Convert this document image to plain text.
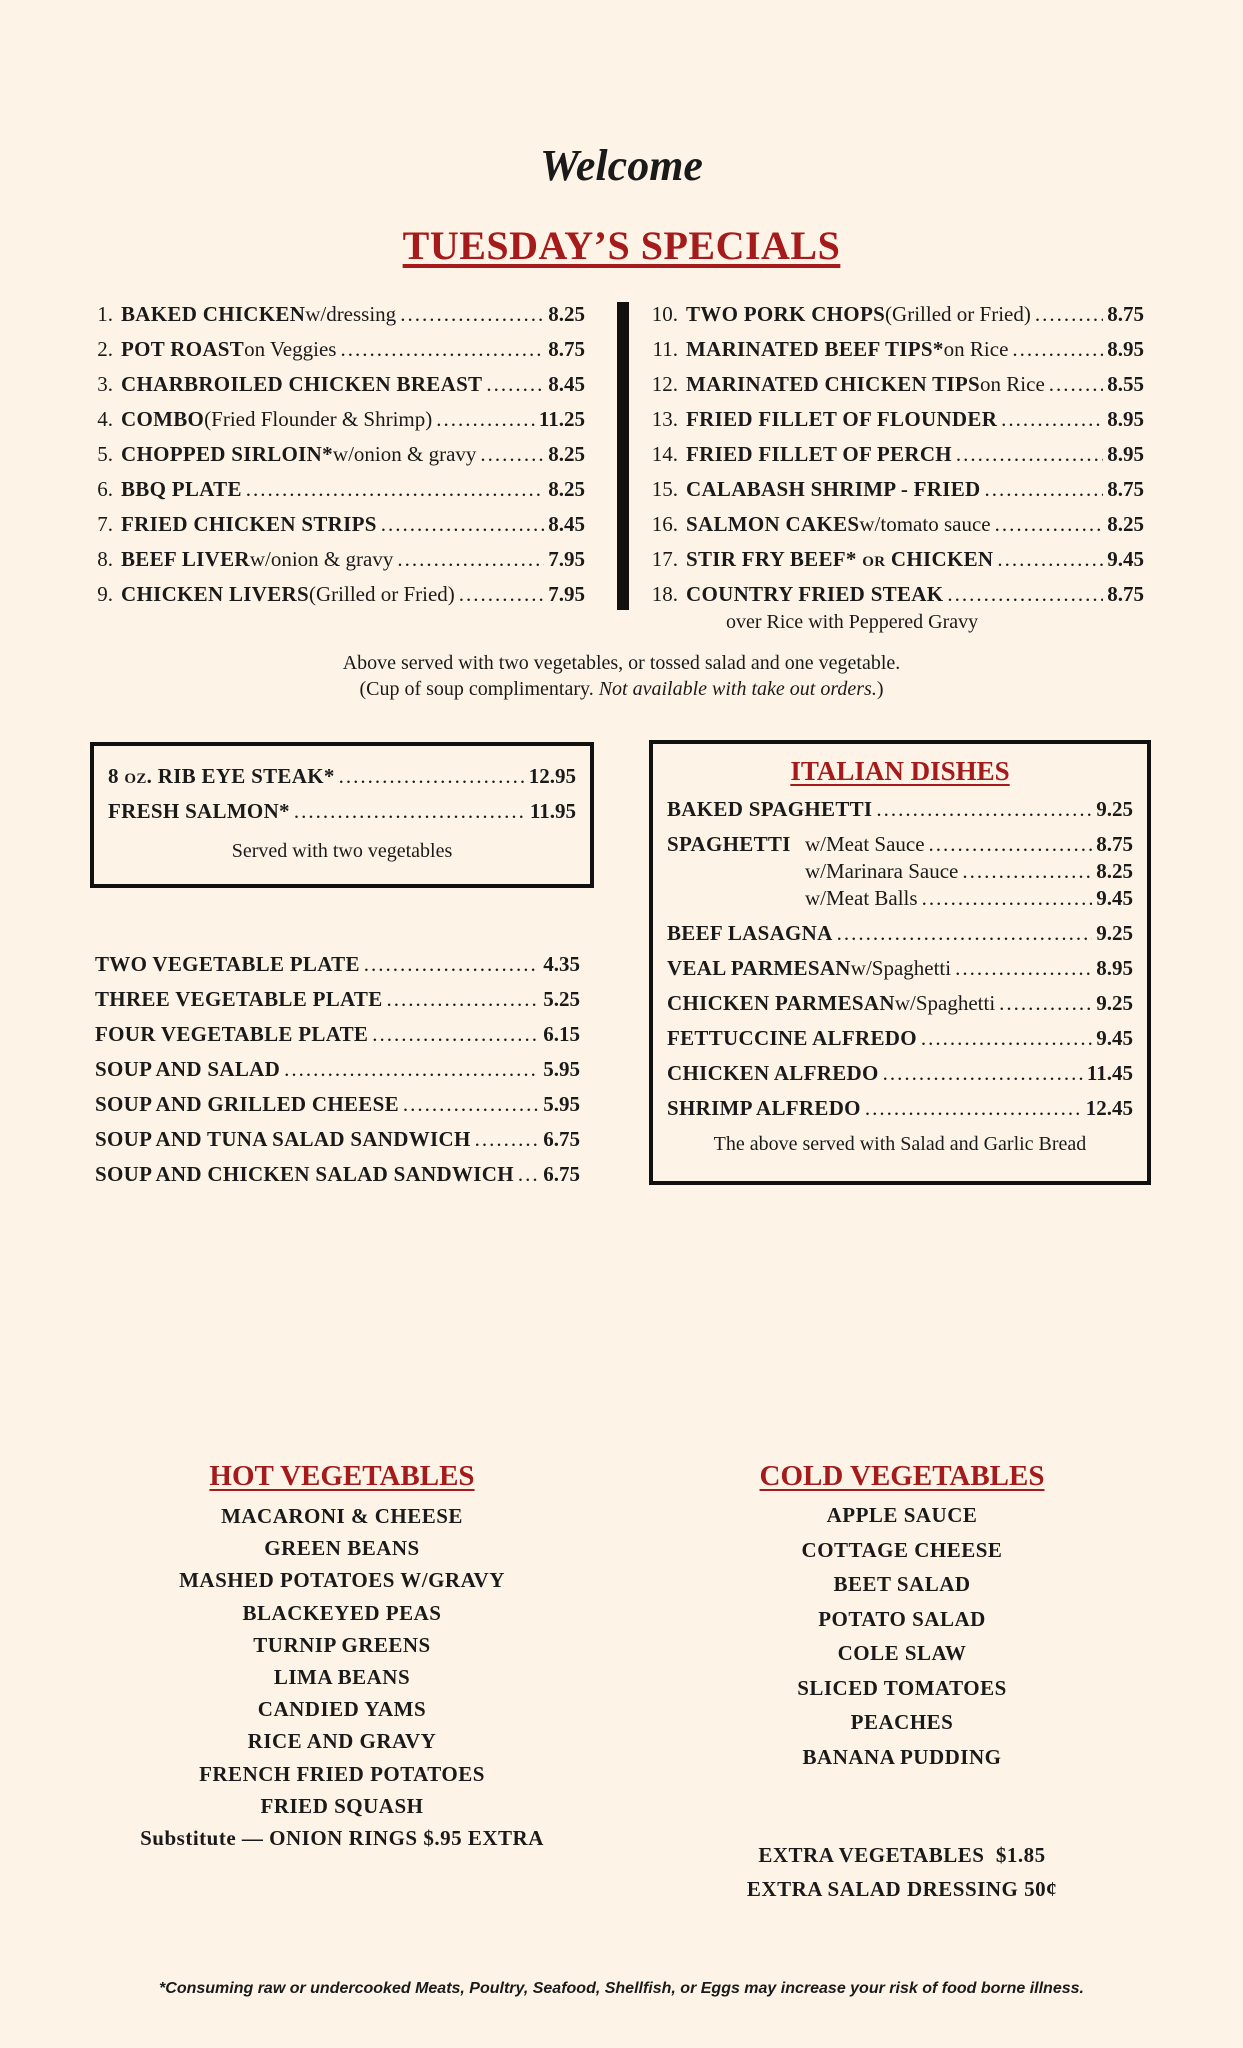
Welcome
TUESDAY’S SPECIALS
1. BAKED CHICKEN w/dressing .....	8.25
2. POT ROAST on Veggies .....	8.75
3. CHARBROILED CHICKEN BREAST .....	8.45
4. COMBO (Fried Flounder & Shrimp) .....	11.25
5. CHOPPED SIRLOIN* w/onion & gravy .....	8.25
6. BBQ PLATE .....	8.25
7. FRIED CHICKEN STRIPS .....	8.45
8. BEEF LIVER w/onion & gravy .....	7.95
9. CHICKEN LIVERS (Grilled or Fried) .....	7.95
10. TWO PORK CHOPS (Grilled or Fried) .....	8.75
11. MARINATED BEEF TIPS* on Rice .....	8.95
12. MARINATED CHICKEN TIPS on Rice .....	8.55
13. FRIED FILLET OF FLOUNDER .....	8.95
14. FRIED FILLET OF PERCH .....	8.95
15. CALABASH SHRIMP - FRIED .....	8.75
16. SALMON CAKES w/tomato sauce .....	8.25
17. STIR FRY BEEF* or CHICKEN .....	9.45
18. COUNTRY FRIED STEAK .....	8.75
over Rice with Peppered Gravy
Above served with two vegetables, or tossed salad and one vegetable.
(Cup of soup complimentary. Not available with take out orders.)
8 oz. RIB EYE STEAK* .....	12.95
FRESH SALMON* .....	11.95
Served with two vegetables
TWO VEGETABLE PLATE .....	4.35
THREE VEGETABLE PLATE .....	5.25
FOUR VEGETABLE PLATE .....	6.15
SOUP AND SALAD .....	5.95
SOUP AND GRILLED CHEESE .....	5.95
SOUP AND TUNA SALAD SANDWICH .....	6.75
SOUP AND CHICKEN SALAD SANDWICH ..... 6.75
ITALIAN DISHES
BAKED SPAGHETTI .....	9.25
SPAGHETTI w/Meat Sauce .....	8.75
w/Marinara Sauce .....	8.25
w/Meat Balls .....	9.45
BEEF LASAGNA .....	9.25
VEAL PARMESAN w/Spaghetti .....	8.95
CHICKEN PARMESAN w/Spaghetti .....	9.25
FETTUCCINE ALFREDO .....	9.45
CHICKEN ALFREDO .....	11.45
SHRIMP ALFREDO .....	12.45
The above served with Salad and Garlic Bread
HOT VEGETABLES
MACARONI & CHEESE
GREEN BEANS
MASHED POTATOES W/GRAVY
BLACKEYED PEAS
TURNIP GREENS
LIMA BEANS
CANDIED YAMS
RICE AND GRAVY
FRENCH FRIED POTATOES
FRIED SQUASH
Substitute — ONION RINGS $.95 EXTRA
COLD VEGETABLES
APPLE SAUCE
COTTAGE CHEESE
BEET SALAD
POTATO SALAD
COLE SLAW
SLICED TOMATOES
PEACHES
BANANA PUDDING
EXTRA VEGETABLES  $1.85
EXTRA SALAD DRESSING 50¢
*Consuming raw or undercooked Meats, Poultry, Seafood, Shellfish, or Eggs may increase your risk of food borne illness.
